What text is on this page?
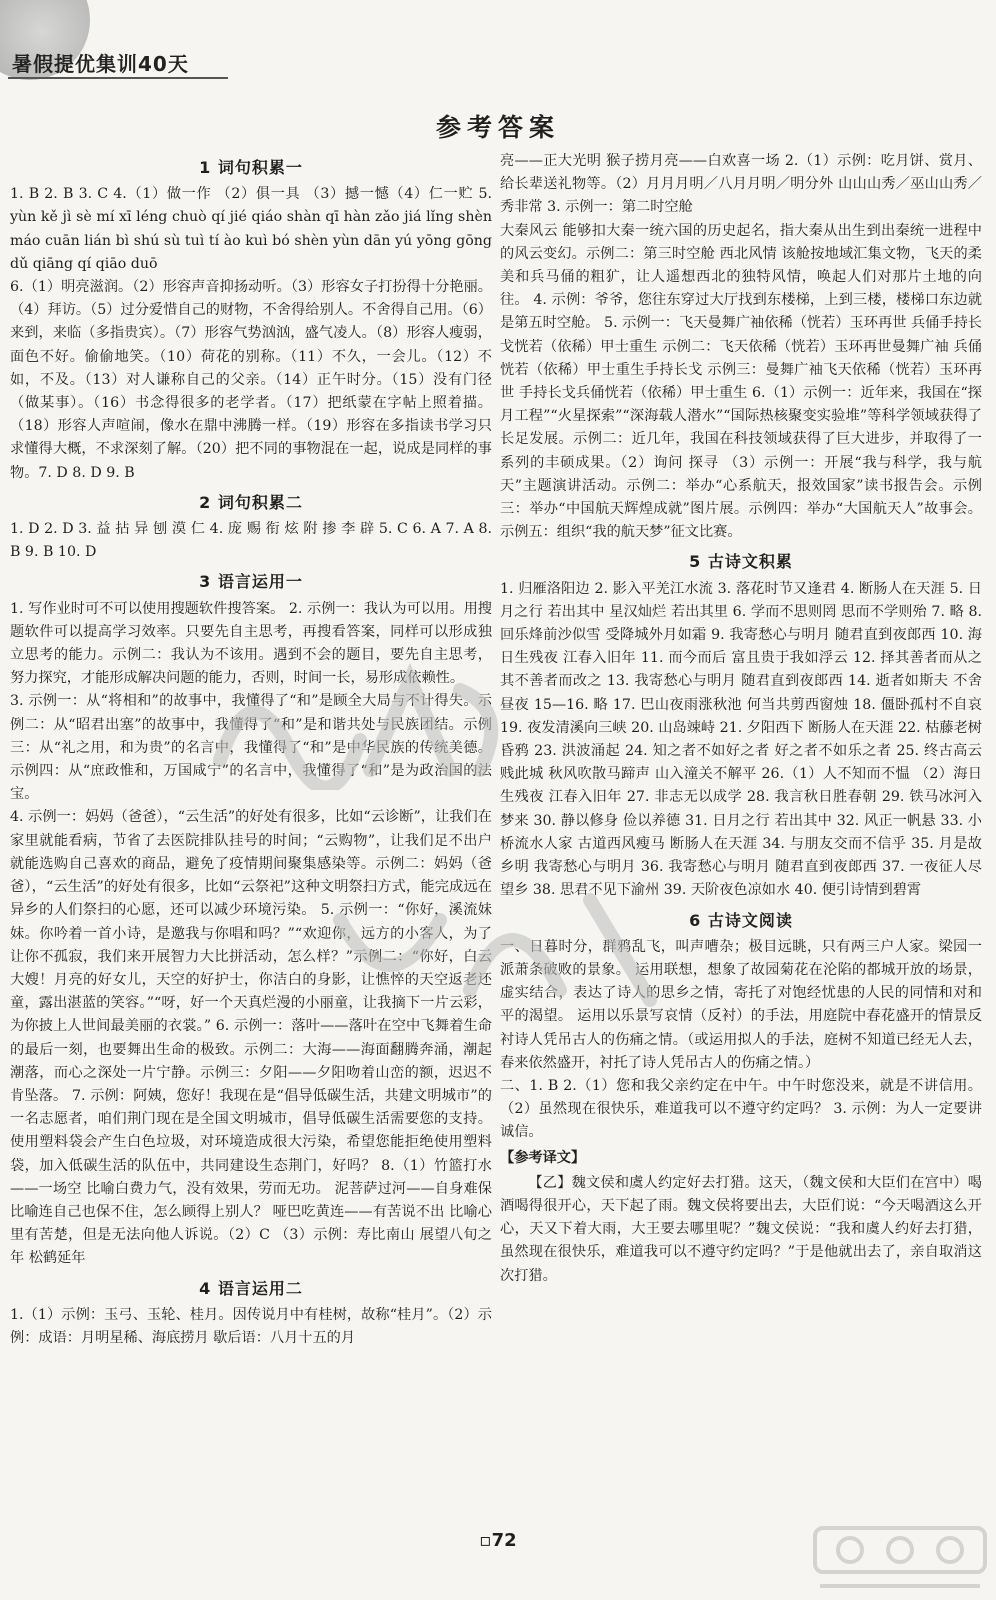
暑假提优集训40天
参考答案
1 词句积累一

1. B 2. B 3. C 4.（1）做一作 （2）俱一具 （3）撼一憾（4）仁一贮 5. yùn kě jì sè mí xī léng chuò qí jié qiáo shàn qī hàn zǎo jiá lǐng shèn máo cuān lián bì shú sù tuì tí ào kuì bó shèn yùn dān yú yōng gōng dǔ qiāng qí qiāo duō

6.（1）明亮滋润。（2）形容声音抑扬动听。（3）形容女子打扮得十分艳丽。（4）拜访。（5）过分爱惜自己的财物，不舍得给别人。不舍得自己用。（6）来到，来临（多指贵宾）。（7）形容气势汹汹，盛气凌人。（8）形容人瘦弱，面色不好。偷偷地笑。（10）荷花的别称。（11）不久，一会儿。（12）不如，不及。（13）对人谦称自己的父亲。（14）正午时分。（15）没有门径（做某事）。（16）书念得很多的老学者。（17）把纸蒙在字帖上照着描。（18）形容人声喧闹，像水在鼎中沸腾一样。（19）形容在多指读书学习只求懂得大概，不求深刻了解。（20）把不同的事物混在一起，说成是同样的事物。7. D 8. D 9. B

2 词句积累二

1. D 2. D 3. 益 拈 异 刨 漠 仁 4. 庞 赐 衔 炫 附 掺 李 辟 5. C 6. A 7. A 8. B 9. B 10. D

3 语言运用一

1. 写作业时可不可以使用搜题软件搜答案。 2. 示例一：我认为可以用。用搜题软件可以提高学习效率。只要先自主思考，再搜看答案，同样可以形成独立思考的能力。示例二：我认为不该用。遇到不会的题目，要先自主思考，努力探究，才能形成解决问题的能力，否则，时间一长，易形成依赖性。

3. 示例一：从“将相和”的故事中，我懂得了“和”是顾全大局与不计得失。示例二：从“昭君出塞”的故事中，我懂得了“和”是和谐共处与民族团结。示例三：从“礼之用，和为贵”的名言中，我懂得了“和”是中华民族的传统美德。示例四：从“庶政惟和，万国咸宁”的名言中，我懂得了“和”是为政治国的法宝。

4. 示例一：妈妈（爸爸），“云生活”的好处有很多，比如“云诊断”，让我们在家里就能看病，节省了去医院排队挂号的时间；“云购物”，让我们足不出户就能选购自己喜欢的商品，避免了疫情期间聚集感染等。示例二：妈妈（爸爸），“云生活”的好处有很多，比如“云祭祀”这种文明祭扫方式，能完成远在异乡的人们祭扫的心愿，还可以减少环境污染。 5. 示例一：“你好，溪流妹妹。你吟着一首小诗，是邀我与你唱和吗？”“欢迎你，远方的小客人，为了让你不孤寂，我们来开展智力大比拼活动，怎么样？”示例二：“你好，白云大嫂！月亮的好女儿，天空的好护士，你洁白的身影，让憔悴的天空返老还童，露出湛蓝的笑容。”“呀，好一个天真烂漫的小丽童，让我摘下一片云彩，为你披上人世间最美丽的衣裳。” 6. 示例一：落叶——落叶在空中飞舞着生命的最后一刻，也要舞出生命的极致。示例二：大海——海面翻腾奔涌，潮起潮落，而心之深处一片宁静。示例三：夕阳——夕阳吻着山峦的额，迟迟不肯坠落。 7. 示例：阿姨，您好！我现在是“倡导低碳生活，共建文明城市”的一名志愿者，咱们荆门现在是全国文明城市，倡导低碳生活需要您的支持。使用塑料袋会产生白色垃圾，对环境造成很大污染，希望您能拒绝使用塑料袋，加入低碳生活的队伍中，共同建设生态荆门，好吗？ 8.（1）竹篮打水——一场空 比喻白费力气，没有效果，劳而无功。 泥菩萨过河——自身难保 比喻连自己也保不住，怎么顾得上别人？ 哑巴吃黄连——有苦说不出 比喻心里有苦楚，但是无法向他人诉说。（2）C （3）示例：寿比南山 展望八旬之年 松鹤延年

4 语言运用二

1.（1）示例：玉弓、玉轮、桂月。因传说月中有桂树，故称“桂月”。（2）示例：成语：月明星稀、海底捞月 歇后语：八月十五的月

亮——正大光明 猴子捞月亮——白欢喜一场 2.（1）示例：吃月饼、赏月、给长辈送礼物等。（2）月月月明／八月月明／明分外 山山山秀／巫山山秀／秀非常 3. 示例一：第二时空舱

大秦风云 能够扣大秦一统六国的历史起名，指大秦从出生到出秦统一进程中的风云变幻。示例二：第三时空舱 西北风情 该舱按地域汇集文物，飞天的柔美和兵马俑的粗犷，让人遥想西北的独特风情，唤起人们对那片土地的向往。 4. 示例：爷爷，您往东穿过大厅找到东楼梯，上到三楼，楼梯口东边就是第五时空舱。 5. 示例一：飞天曼舞广袖依稀（恍若）玉环再世 兵俑手持长戈恍若（依稀）甲士重生 示例二：飞天依稀（恍若）玉环再世曼舞广袖 兵俑恍若（依稀）甲士重生手持长戈 示例三：曼舞广袖飞天依稀（恍若）玉环再世 手持长戈兵俑恍若（依稀）甲士重生 6.（1）示例一：近年来，我国在“探月工程”“火星探索”“深海载人潜水”“国际热核聚变实验堆”等科学领域获得了长足发展。示例二：近几年，我国在科技领域获得了巨大进步，并取得了一系列的丰硕成果。（2）询问 探寻 （3）示例一：开展“我与科学，我与航天”主题演讲活动。示例二：举办“心系航天，报效国家”读书报告会。示例三：举办“中国航天辉煌成就”图片展。示例四：举办“大国航天人”故事会。示例五：组织“我的航天梦”征文比赛。

5 古诗文积累

1. 归雁洛阳边 2. 影入平羌江水流 3. 落花时节又逢君 4. 断肠人在天涯 5. 日月之行 若出其中 星汉灿烂 若出其里 6. 学而不思则罔 思而不学则殆 7. 略 8. 回乐烽前沙似雪 受降城外月如霜 9. 我寄愁心与明月 随君直到夜郎西 10. 海日生残夜 江春入旧年 11. 而今而后 富且贵于我如浮云 12. 择其善者而从之 其不善者而改之 13. 我寄愁心与明月 随君直到夜郎西 14. 逝者如斯夫 不舍昼夜 15—16. 略 17. 巴山夜雨涨秋池 何当共剪西窗烛 18. 僵卧孤村不自哀 19. 夜发清溪向三峡 20. 山岛竦峙 21. 夕阳西下 断肠人在天涯 22. 枯藤老树昏鸦 23. 洪波涌起 24. 知之者不如好之者 好之者不如乐之者 25. 终古高云贱此城 秋风吹散马蹄声 山入潼关不解平 26.（1）人不知而不愠 （2）海日生残夜 江春入旧年 27. 非志无以成学 28. 我言秋日胜春朝 29. 铁马冰河入梦来 30. 静以修身 俭以养德 31. 日月之行 若出其中 32. 风正一帆悬 33. 小桥流水人家 古道西风瘦马 断肠人在天涯 34. 与朋友交而不信乎 35. 月是故乡明 我寄愁心与明月 36. 我寄愁心与明月 随君直到夜郎西 37. 一夜征人尽望乡 38. 思君不见下渝州 39. 天阶夜色凉如水 40. 便引诗情到碧霄

6 古诗文阅读

一、日暮时分，群鸦乱飞，叫声嘈杂；极目远眺，只有两三户人家。梁园一派萧条破败的景象。 运用联想，想象了故园菊花在沦陷的都城开放的场景，虚实结合，表达了诗人的思乡之情，寄托了对饱经忧患的人民的同情和对和平的渴望。 运用以乐景写哀情（反衬）的手法，用庭院中春花盛开的情景反衬诗人凭吊古人的伤痛之情。（或运用拟人的手法，庭树不知道已经无人去，春来依然盛开，衬托了诗人凭吊古人的伤痛之情。）

二、1. B 2.（1）您和我父亲约定在中午。中午时您没来，就是不讲信用。（2）虽然现在很快乐，难道我可以不遵守约定吗？ 3. 示例：为人一定要讲诚信。

【参考译文】

【乙】魏文侯和虞人约定好去打猎。这天，（魏文侯和大臣们在宫中）喝酒喝得很开心，天下起了雨。魏文侯将要出去，大臣们说：“今天喝酒这么开心，天又下着大雨，大王要去哪里呢？”魏文侯说：“我和虞人约好去打猎，虽然现在很快乐，难道我可以不遵守约定吗？”于是他就出去了，亲自取消这次打猎。

▫72
